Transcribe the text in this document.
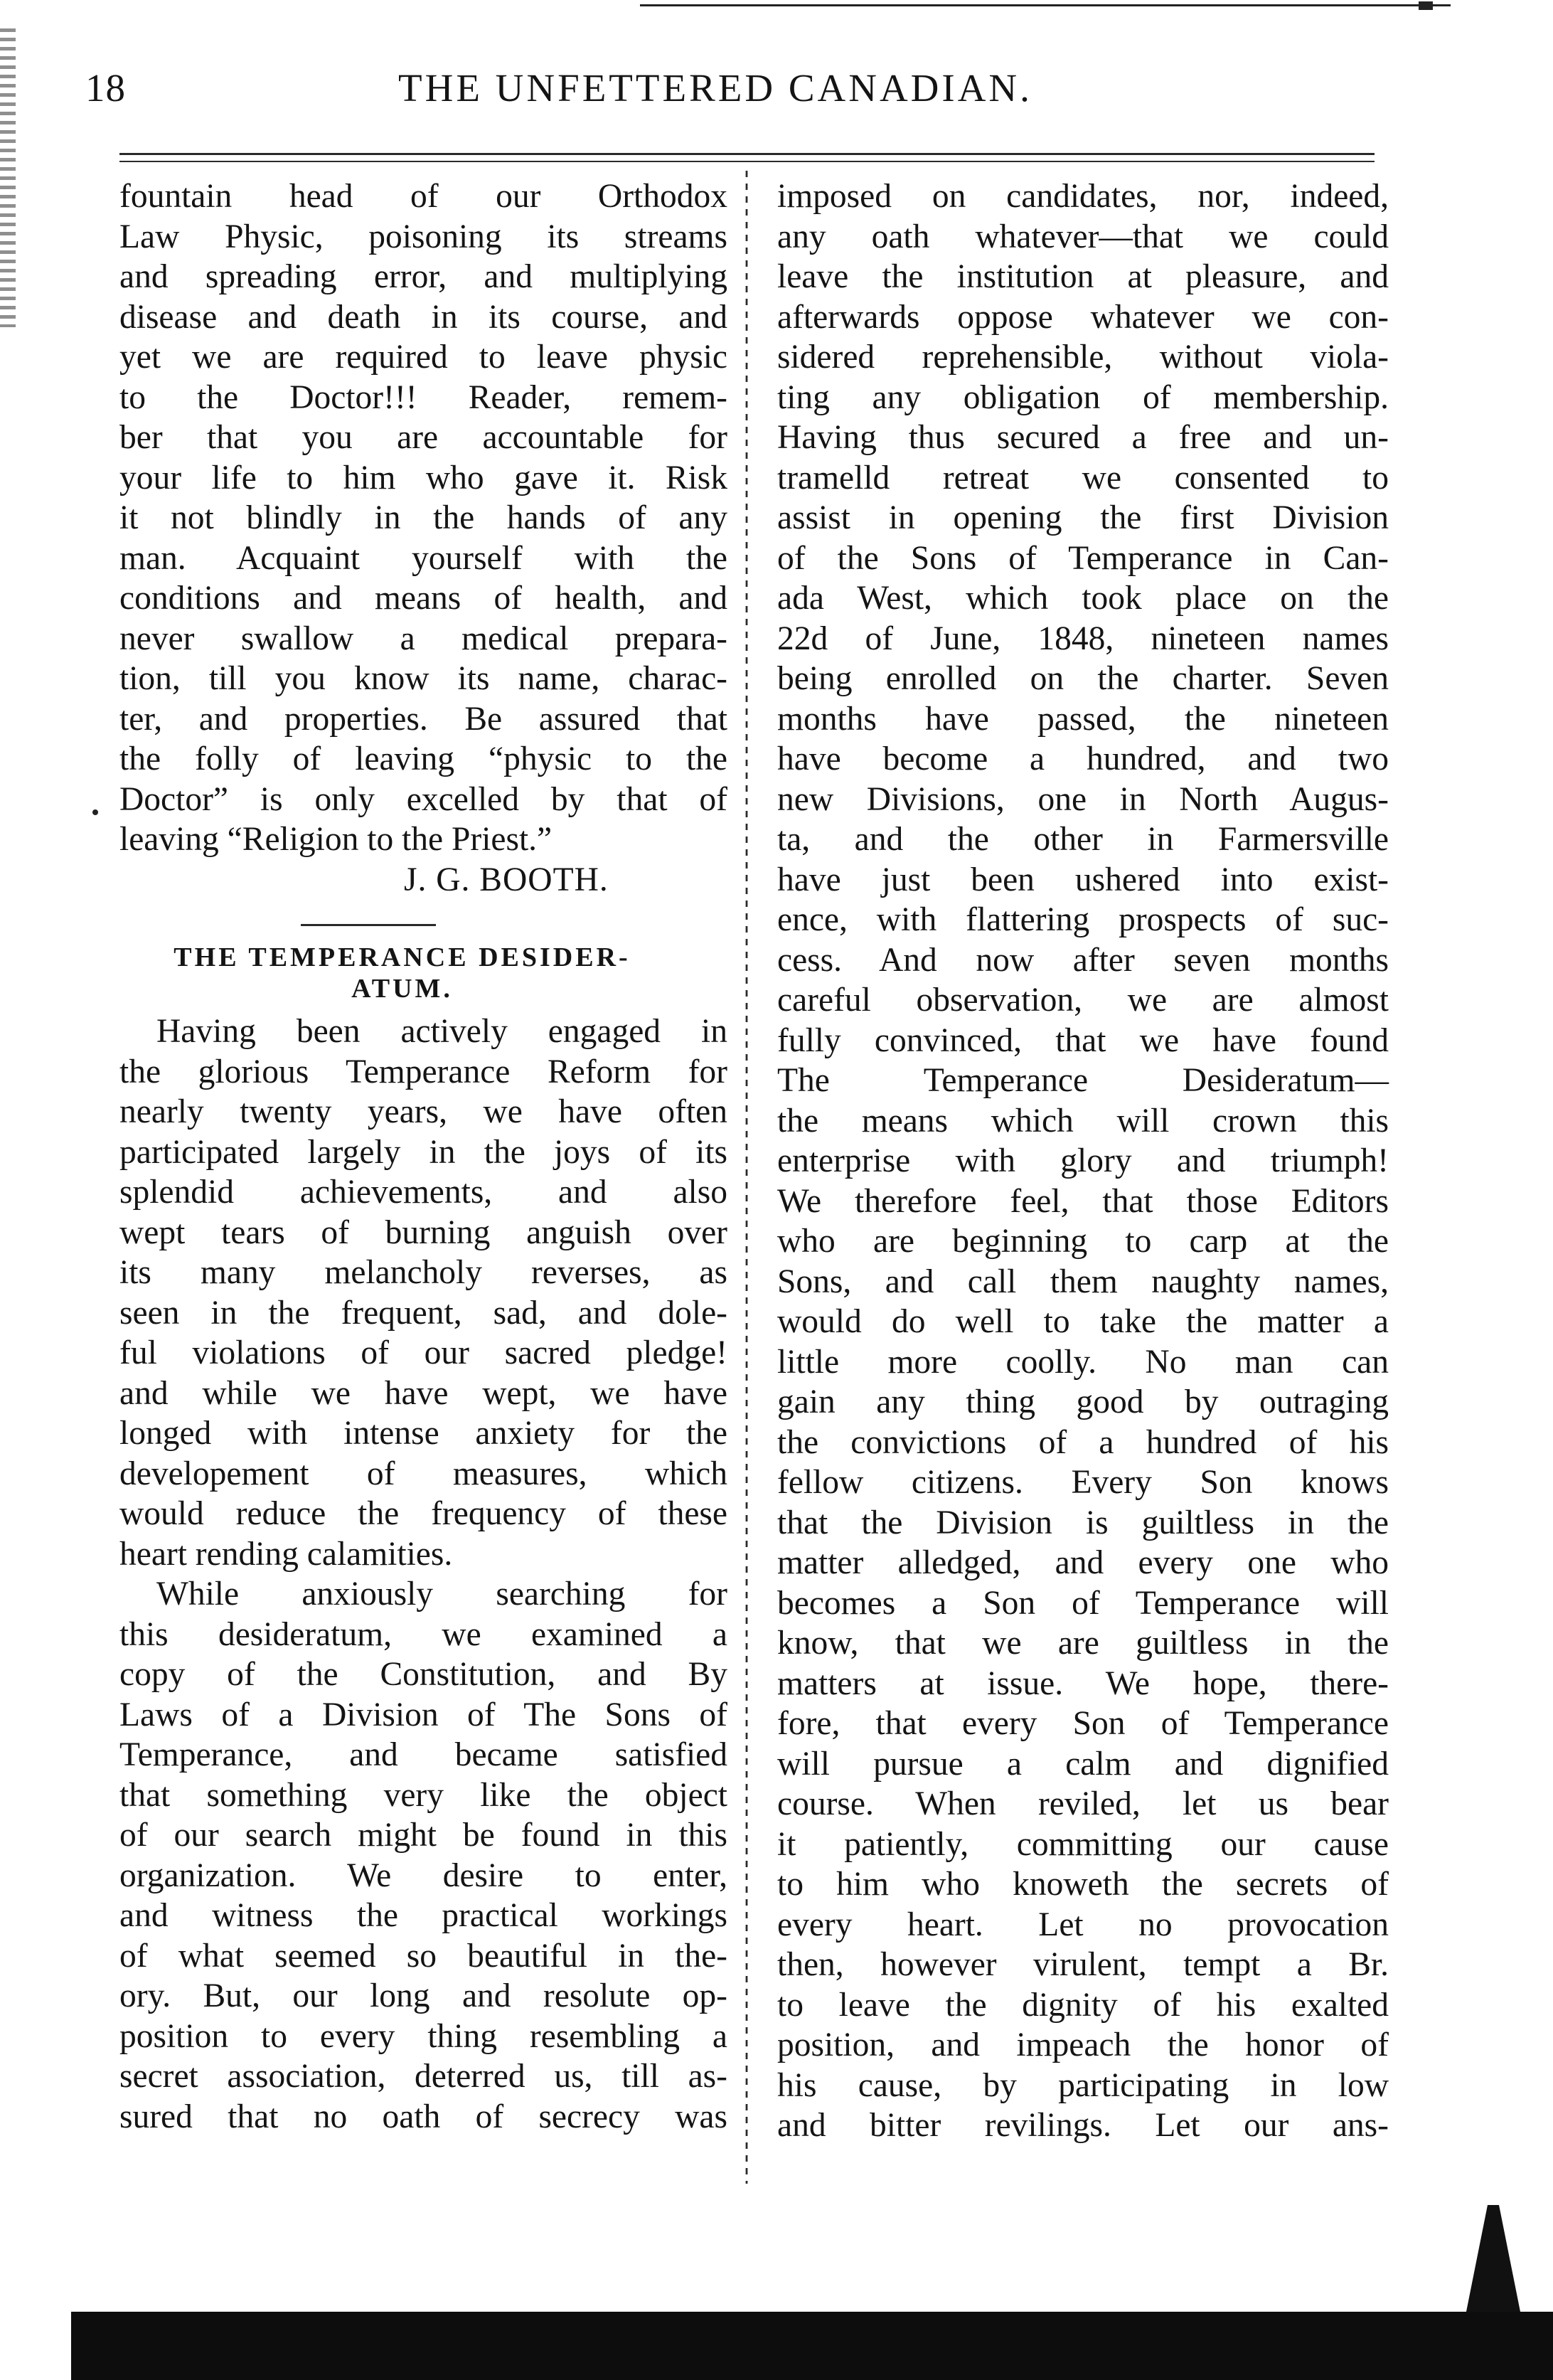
18	THE UNFETTERED CANADIAN.
fountain head of our Orthodox
Law Physic, poisoning its streams
and spreading error, and multiplying
disease and death in its course, and
yet we are required to leave physic
to the Doctor!!! Reader, remem-
ber that you are accountable for
your life to him who gave it. Risk
it not blindly in the hands of any
man. Acquaint yourself with the
conditions and means of health, and
never swallow a medical prepara-
tion, till you know its name, charac-
ter, and properties. Be assured that
the folly of leaving “physic to the
Doctor” is only excelled by that of
leaving “Religion to the Priest.”
J. G. BOOTH.
THE TEMPERANCE DESIDER-
ATUM.
Having been actively engaged in
the glorious Temperance Reform for
nearly twenty years, we have often
participated largely in the joys of its
splendid achievements, and also
wept tears of burning anguish over
its many melancholy reverses, as
seen in the frequent, sad, and dole-
ful violations of our sacred pledge!
and while we have wept, we have
longed with intense anxiety for the
developement of measures, which
would reduce the frequency of these
heart rending calamities.
While anxiously searching for
this desideratum, we examined a
copy of the Constitution, and By
Laws of a Division of The Sons of
Temperance, and became satisfied
that something very like the object
of our search might be found in this
organization. We desire to enter,
and witness the practical workings
of what seemed so beautiful in the-
ory. But, our long and resolute op-
position to every thing resembling a
secret association, deterred us, till as-
sured that no oath of secrecy was
imposed on candidates, nor, indeed,
any oath whatever—that we could
leave the institution at pleasure, and
afterwards oppose whatever we con-
sidered reprehensible, without viola-
ting any obligation of membership.
Having thus secured a free and un-
tramelld retreat we consented to
assist in opening the first Division
of the Sons of Temperance in Can-
ada West, which took place on the
22d of June, 1848, nineteen names
being enrolled on the charter. Seven
months have passed, the nineteen
have become a hundred, and two
new Divisions, one in North Augus-
ta, and the other in Farmersville
have just been ushered into exist-
ence, with flattering prospects of suc-
cess. And now after seven months
careful observation, we are almost
fully convinced, that we have found
The Temperance Desideratum—
the means which will crown this
enterprise with glory and triumph!
We therefore feel, that those Editors
who are beginning to carp at the
Sons, and call them naughty names,
would do well to take the matter a
little more coolly. No man can
gain any thing good by outraging
the convictions of a hundred of his
fellow citizens. Every Son knows
that the Division is guiltless in the
matter alledged, and every one who
becomes a Son of Temperance will
know, that we are guiltless in the
matters at issue. We hope, there-
fore, that every Son of Temperance
will pursue a calm and dignified
course. When reviled, let us bear
it patiently, committing our cause
to him who knoweth the secrets of
every heart. Let no provocation
then, however virulent, tempt a Br.
to leave the dignity of his exalted
position, and impeach the honor of
his cause, by participating in low
and bitter revilings. Let our ans-
